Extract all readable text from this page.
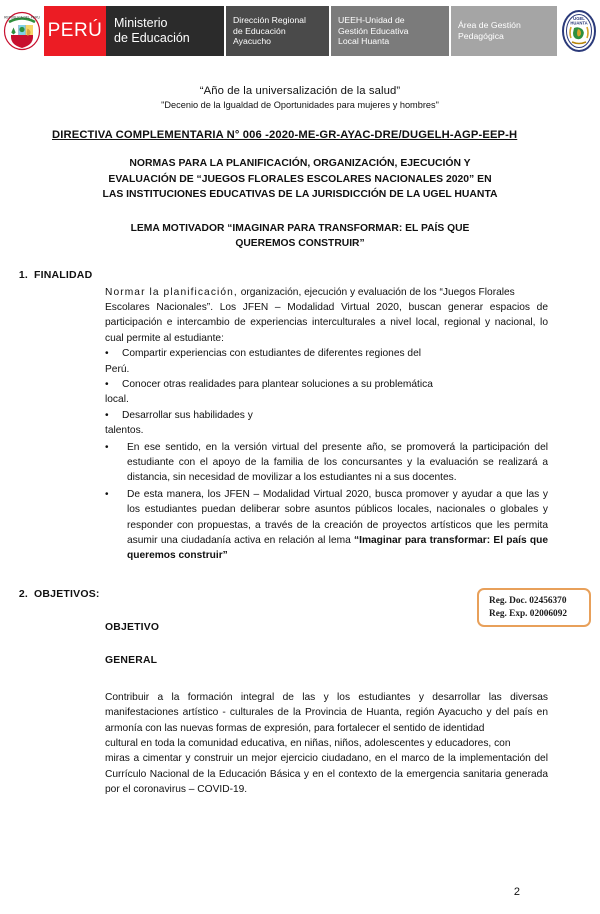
REPUBLICA DEL PERU
PERÚ Ministerio
de Educación
Dirección Regional
de Educación
Ayacucho
UEEH-Unidad de
Gestión Educativa
Local Huanta
Área de Gestión
Pedagógica
UGEL
HUANTA
“Año de la universalización de la salud”
"Decenio de la Igualdad de Oportunidades para mujeres y hombres"
DIRECTIVA COMPLEMENTARIA N° 006 -2020-ME-GR-AYAC-DRE/DUGELH-AGP-EEP-H
NORMAS PARA LA PLANIFICACIÓN, ORGANIZACIÓN, EJECUCIÓN Y
EVALUACIÓN DE “JUEGOS FLORALES ESCOLARES NACIONALES 2020” EN
LAS INSTITUCIONES EDUCATIVAS DE LA JURISDICCIÓN DE LA UGEL HUANTA
LEMA MOTIVADOR “IMAGINAR PARA TRANSFORMAR: EL PAÍS QUE
QUEREMOS CONSTRUIR”
1. FINALIDAD

Normar la planificación, organización, ejecución y evaluación de los “Juegos Florales

Escolares Nacionales”. Los JFEN – Modalidad Virtual 2020, buscan generar espacios de participación e intercambio de experiencias interculturales a nivel local, regional y nacional, lo cual permite al estudiante:

•	Compartir experiencias con estudiantes de diferentes regiones del
Perú.
•	Conocer otras realidades para plantear soluciones a su problemática
local.
•	Desarrollar sus habilidades y
talentos.
•	En ese sentido, en la versión virtual del presente año, se promoverá la participación del estudiante con el apoyo de la familia de los concursantes y la evaluación se realizará a distancia, sin necesidad de movilizar a los estudiantes ni a sus docentes.
•	De esta manera, los JFEN – Modalidad Virtual 2020, busca promover y ayudar a que las y los estudiantes puedan deliberar sobre asuntos públicos locales, nacionales o globales y responder con propuestas, a través de la creación de proyectos artísticos que les permita asumir una ciudadanía activa en relación al lema “Imaginar para transformar: El país que queremos construir”
Reg. Doc. 02456370
Reg. Exp. 02006092
2. OBJETIVOS:
OBJETIVO
GENERAL

Contribuir a la formación integral de las y los estudiantes y desarrollar las diversas manifestaciones artístico - culturales de la Provincia de Huanta, región Ayacucho y del país en armonía con las nuevas formas de expresión, para fortalecer el sentido de identidad

cultural en toda la comunidad educativa, en niñas, niños, adolescentes y educadores, con

miras a cimentar y construir un mejor ejercicio ciudadano, en el marco de la implementación del Currículo Nacional de la Educación Básica y en el contexto de la emergencia sanitaria generada por el coronavirus – COVID-19.

2
